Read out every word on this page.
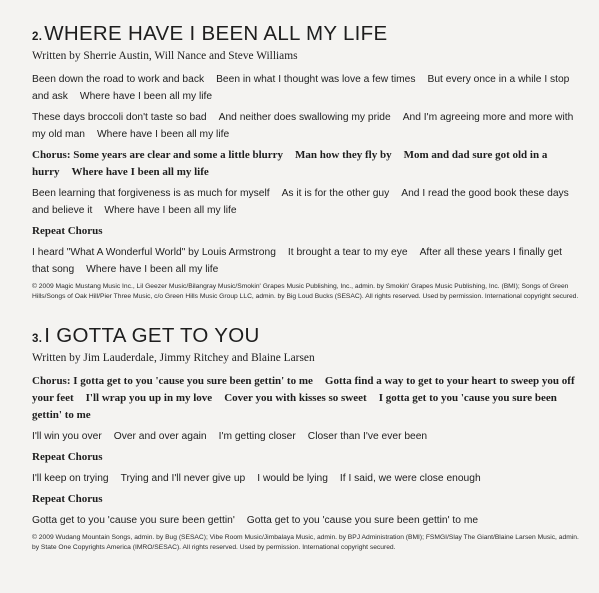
2.WHERE HAVE I BEEN ALL MY LIFE

Written by Sherrie Austin, Will Nance and Steve Williams

Been down the road to work and back Been in what I thought was love a few times But every once in a while I stop and ask Where have I been all my life

These days broccoli don't taste so bad And neither does swallowing my pride And I'm agreeing more and more with my old man Where have I been all my life

Chorus: Some years are clear and some a little blurry Man how they fly by Mom and dad sure got old in a hurry Where have I been all my life

Been learning that forgiveness is as much for myself As it is for the other guy And I read the good book these days and believe it Where have I been all my life

Repeat Chorus

I heard "What A Wonderful World" by Louis Armstrong It brought a tear to my eye After all these years I finally get that song Where have I been all my life

© 2009 Magic Mustang Music Inc., Lil Geezer Music/Bilangray Music/Smokin' Grapes Music Publishing, Inc., admin. by Smokin' Grapes Music Publishing, Inc. (BMI); Songs of Green Hills/Songs of Oak Hill/Pier Three Music, c/o Green Hills Music Group LLC, admin. by Big Loud Bucks (SESAC). All rights reserved. Used by permission. International copyright secured.

3.I GOTTA GET TO YOU

Written by Jim Lauderdale, Jimmy Ritchey and Blaine Larsen

Chorus: I gotta get to you 'cause you sure been gettin' to me Gotta find a way to get to your heart to sweep you off your feet I'll wrap you up in my love Cover you with kisses so sweet I gotta get to you 'cause you sure been gettin' to me

I'll win you over Over and over again I'm getting closer Closer than I've ever been

Repeat Chorus

I'll keep on trying Trying and I'll never give up I would be lying If I said, we were close enough

Repeat Chorus

Gotta get to you 'cause you sure been gettin' Gotta get to you 'cause you sure been gettin' to me

© 2009 Wudang Mountain Songs, admin. by Bug (SESAC); Vibe Room Music/Jimbalaya Music, admin. by BPJ Administration (BMI); FSMGI/Slay The Giant/Blaine Larsen Music, admin. by State One Copyrights America (IMRO/SESAC). All rights reserved. Used by permission. International copyright secured.
